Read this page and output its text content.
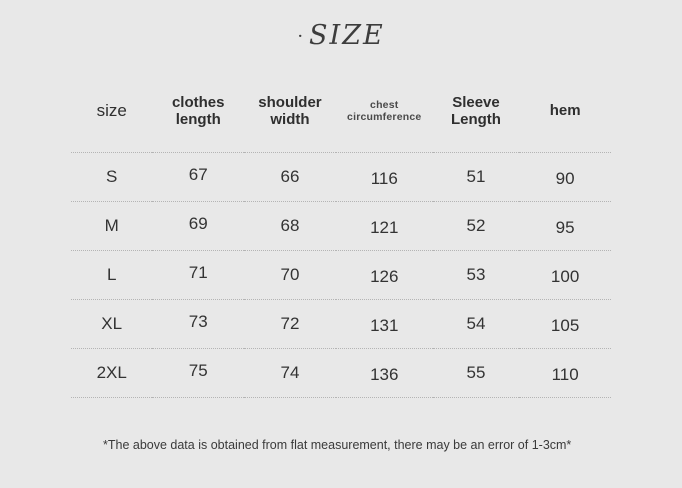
· SIZE
size	clothes length	shoulder width	chest circumference	Sleeve Length	hem
S	67	66	116	51	90
M	69	68	121	52	95
L	71	70	126	53	100
XL	73	72	131	54	105
2XL	75	74	136	55	110
*The above data is obtained from flat measurement, there may be an error of 1-3cm*
